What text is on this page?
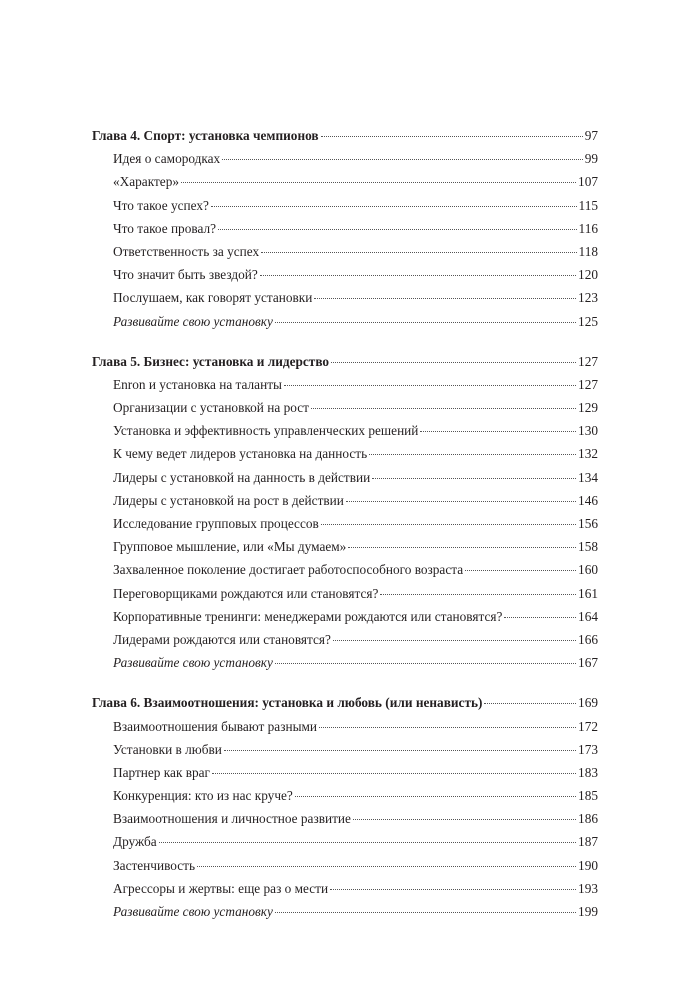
Глава 4. Спорт: установка чемпионов	97
Идея о самородках	99
«Характер»	107
Что такое успех?	115
Что такое провал?	116
Ответственность за успех	118
Что значит быть звездой?	120
Послушаем, как говорят установки	123
Развивайте свою установку	125
Глава 5. Бизнес: установка и лидерство	127
Enron и установка на таланты	127
Организации с установкой на рост	129
Установка и эффективность управленческих решений	130
К чему ведет лидеров установка на данность	132
Лидеры с установкой на данность в действии	134
Лидеры с установкой на рост в действии	146
Исследование групповых процессов	156
Групповое мышление, или «Мы думаем»	158
Захваленное поколение достигает работоспособного возраста	160
Переговорщиками рождаются или становятся?	161
Корпоративные тренинги: менеджерами рождаются или становятся?	164
Лидерами рождаются или становятся?	166
Развивайте свою установку	167
Глава 6. Взаимоотношения: установка и любовь (или ненависть)	169
Взаимоотношения бывают разными	172
Установки в любви	173
Партнер как враг	183
Конкуренция: кто из нас круче?	185
Взаимоотношения и личностное развитие	186
Дружба	187
Застенчивость	190
Агрессоры и жертвы: еще раз о мести	193
Развивайте свою установку	199
